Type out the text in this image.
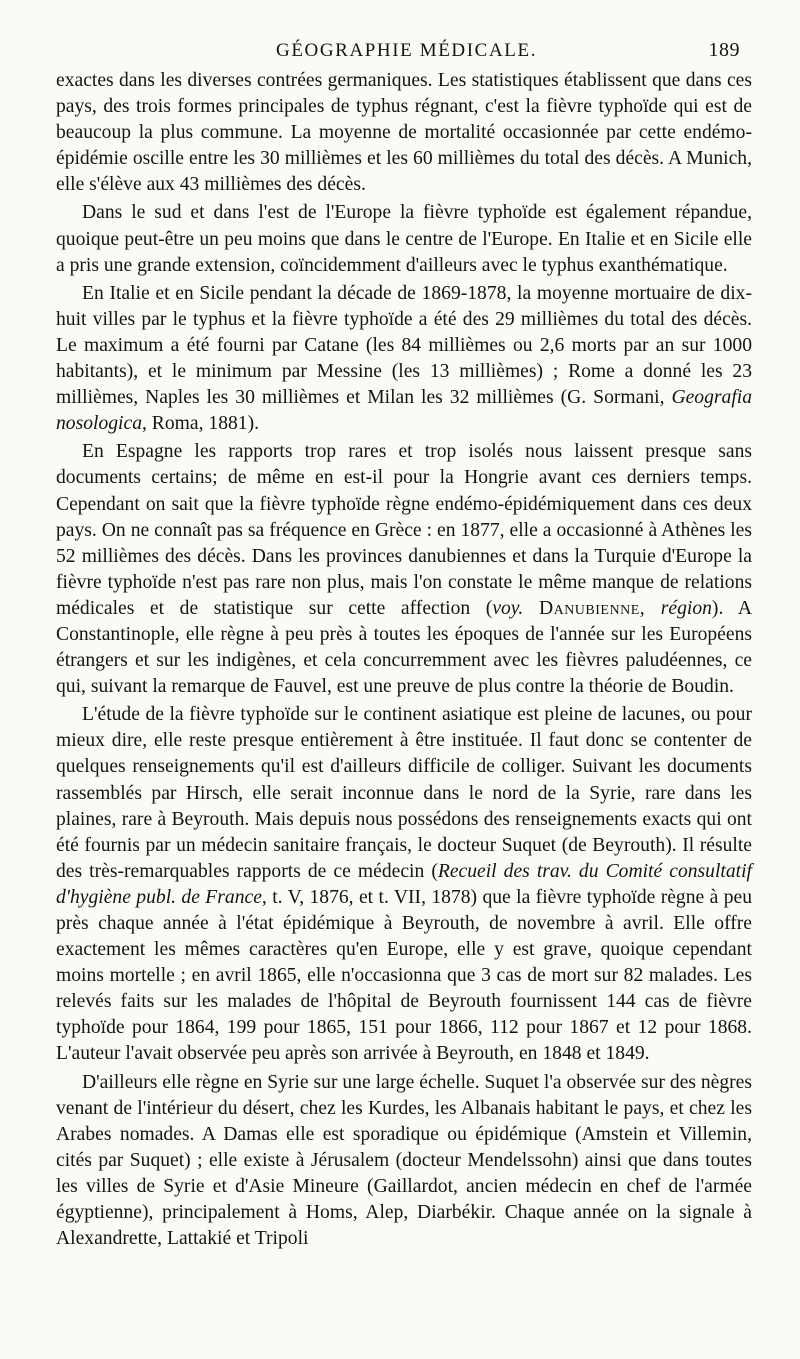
GÉOGRAPHIE MÉDICALE.	189

exactes dans les diverses contrées germaniques. Les statistiques établissent que dans ces pays, des trois formes principales de typhus régnant, c'est la fièvre typhoïde qui est de beaucoup la plus commune. La moyenne de mortalité occasionnée par cette endémo-épidémie oscille entre les 30 millièmes et les 60 millièmes du total des décès. A Munich, elle s'élève aux 43 millièmes des décès.

Dans le sud et dans l'est de l'Europe la fièvre typhoïde est également répandue, quoique peut-être un peu moins que dans le centre de l'Europe. En Italie et en Sicile elle a pris une grande extension, coïncidemment d'ailleurs avec le typhus exanthématique.

En Italie et en Sicile pendant la décade de 1869-1878, la moyenne mortuaire de dix-huit villes par le typhus et la fièvre typhoïde a été des 29 millièmes du total des décès. Le maximum a été fourni par Catane (les 84 millièmes ou 2,6 morts par an sur 1000 habitants), et le minimum par Messine (les 13 millièmes) ; Rome a donné les 23 millièmes, Naples les 30 millièmes et Milan les 32 millièmes (G. Sormani, Geografia nosologica, Roma, 1881).

En Espagne les rapports trop rares et trop isolés nous laissent presque sans documents certains; de même en est-il pour la Hongrie avant ces derniers temps. Cependant on sait que la fièvre typhoïde règne endémo-épidémiquement dans ces deux pays. On ne connaît pas sa fréquence en Grèce : en 1877, elle a occasionné à Athènes les 52 millièmes des décès. Dans les provinces danubiennes et dans la Turquie d'Europe la fièvre typhoïde n'est pas rare non plus, mais l'on constate le même manque de relations médicales et de statistique sur cette affection (voy. Danubienne, région). A Constantinople, elle règne à peu près à toutes les époques de l'année sur les Européens étrangers et sur les indigènes, et cela concurremment avec les fièvres paludéennes, ce qui, suivant la remarque de Fauvel, est une preuve de plus contre la théorie de Boudin.

L'étude de la fièvre typhoïde sur le continent asiatique est pleine de lacunes, ou pour mieux dire, elle reste presque entièrement à être instituée. Il faut donc se contenter de quelques renseignements qu'il est d'ailleurs difficile de colliger. Suivant les documents rassemblés par Hirsch, elle serait inconnue dans le nord de la Syrie, rare dans les plaines, rare à Beyrouth. Mais depuis nous possédons des renseignements exacts qui ont été fournis par un médecin sanitaire français, le docteur Suquet (de Beyrouth). Il résulte des très-remarquables rapports de ce médecin (Recueil des trav. du Comité consultatif d'hygiène publ. de France, t. V, 1876, et t. VII, 1878) que la fièvre typhoïde règne à peu près chaque année à l'état épidémique à Beyrouth, de novembre à avril. Elle offre exactement les mêmes caractères qu'en Europe, elle y est grave, quoique cependant moins mortelle ; en avril 1865, elle n'occasionna que 3 cas de mort sur 82 malades. Les relevés faits sur les malades de l'hôpital de Beyrouth fournissent 144 cas de fièvre typhoïde pour 1864, 199 pour 1865, 151 pour 1866, 112 pour 1867 et 12 pour 1868. L'auteur l'avait observée peu après son arrivée à Beyrouth, en 1848 et 1849.

D'ailleurs elle règne en Syrie sur une large échelle. Suquet l'a observée sur des nègres venant de l'intérieur du désert, chez les Kurdes, les Albanais habitant le pays, et chez les Arabes nomades. A Damas elle est sporadique ou épidémique (Amstein et Villemin, cités par Suquet) ; elle existe à Jérusalem (docteur Mendelssohn) ainsi que dans toutes les villes de Syrie et d'Asie Mineure (Gaillardot, ancien médecin en chef de l'armée égyptienne), principalement à Homs, Alep, Diarbékir. Chaque année on la signale à Alexandrette, Lattakié et Tripoli
